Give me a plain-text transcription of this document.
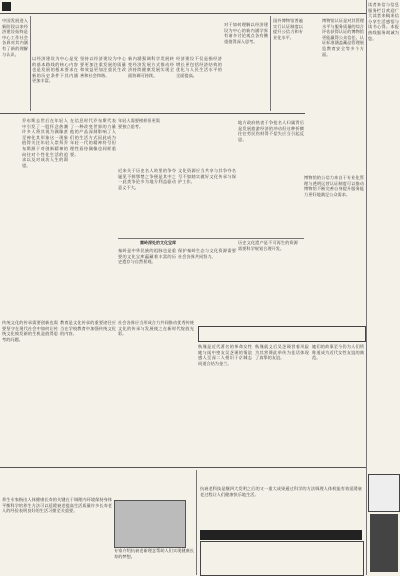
中国发展进入新阶段以来经济建设始终是中心工作社会各界对其内涵有了新的理解与认识。
以经济建设为中心是党的基本路线的核心内容也是发展的根本要求在新的历史条件下其内涵更加丰富。
坚持以经济建设为中心要更加注重发展的质量和效益更加注重民生改善和社会和谐。
新内涵强调科学发展转变经济发展方式推动经济持续健康发展实现全面协调可持续。
经济建设不仅是指经济增长更包括经济结构的优化与人民生活水平的全面提高。
对于如何理解以经济建设为中心的新内涵学界有诸多讨论观点各有侧重值得深入思考。
国外博物馆普遍实行认证制度以提升公信力和专业化水平。
博物馆认证是对其管理水平与服务质量的综合评估获得认证的博物馆更能赢得公众信任。认证标准涵盖藏品管理展览教育安全等多个方面。
乔布斯去世后在年轻人中引发了一股怀念热潮许多人将其视为偶像甚至神化其形象这一现象值得关注年轻人崇拜乔布斯源于对创新精神的向往对个性化生活的追求以及对成功人生的渴望。
在信息时代乔布斯代表了一种改变世界的力量他的产品深刻影响了人们的生活方式因此成为年轻一代的精神符号但理性看待偶像也同样重要。
年轻人需要榜样但更需要独立思考。
近来关于历史名人故里的争夺屡见不鲜鄂楚之争便是其中之一此类争论多为地方利益驱动意义不大。
文化资源应当共享与其争夺名号不如踏实做好文化传承与保护工作。
地方政府热衷于争抢名人归属背后是发展旅游经济的冲动但这种折腾往往劳民伤财得不偿失应当引起反思。
秦岭深处的文化宝库
秦岭是中华民族的祖脉也是重要的文化宝库蕴藏着丰富的历史遗存与自然景观。
保护秦岭生态与文化资源需要社会各界共同努力。
历史文化遗产是不可再生的资源需要科学规划合理开发。
博物馆的公信力来自于专业化管理与透明运营认证制度可以推动博物馆不断完善自身提升服务能力更好地满足公众需求。
读者来信与信息服务栏目欢迎广大读者来稿来信分享生活感悟与读书心得。本报热线服务竭诚为您。
秋瑾是近代著名的革命女性她与闺中密友吴芝瑛的情谊感人至深二人相识于京城志同道合结为金兰。
秋瑾就义后吴芝瑛冒着风险为其营葬此举传为佳话体现了真挚的友谊。
她们的故事至今仍为人们所称道成为近代女性友谊的典范。
传统文化的传承需要创新也需要坚守在现代社会中如何让传统文化焕发新的生机是值得思考的问题。
教育是文化传承的重要途径应当在学校教育中加强传统文化的内容。
社会各界应当形成合力共同推动优秀传统文化的传承与发展使之在新时代绽放光彩。
养生专家指出人体健康长寿的关键在于调理内环境保持身体平衡科学的养生方法可以延缓衰老提高生活质量许多长寿老人的经验表明良好的生活习惯至关重要。
专家介绍抗衰老新理念帮助人们实现健康长寿的梦想。
抗衰老科技是继四大发明之后的又一重大成果通过科学的方法调理人体机能有效延缓衰老过程让人们健康快乐地生活。
